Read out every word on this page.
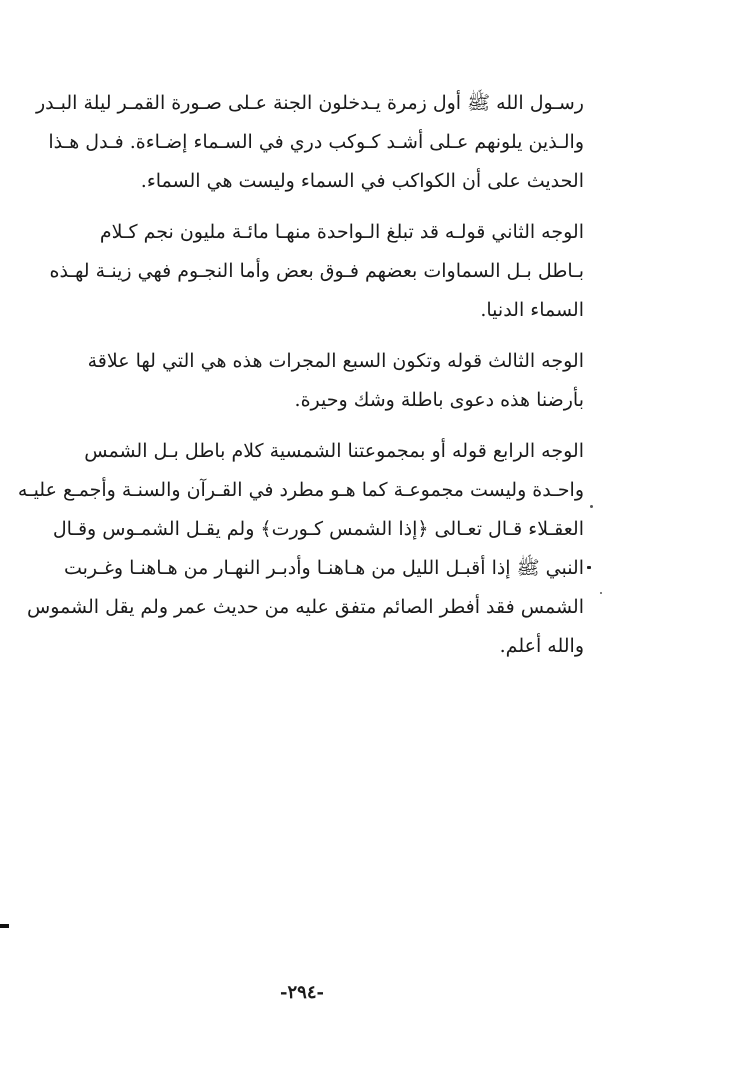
رسـول الله ﷺ أول زمرة يـدخلون الجنة عـلى صـورة القمـر ليلة البـدر
والـذين يلونهم عـلى أشـد كـوكب دري في السـماء إضـاءة. فـدل هـذا
الحديث على أن الكواكب في السماء وليست هي السماء.

الوجه الثاني قولـه قد تبلغ الـواحدة منهـا مائـة مليون نجم كـلام
بـاطل بـل السماوات بعضهم فـوق بعض وأما النجـوم فهي زينـة لهـذه
السماء الدنيا.

الوجه الثالث قوله وتكون السبع المجرات هذه هي التي لها علاقة
بأرضنا هذه دعوى باطلة وشك وحيرة.

الوجه الرابع قوله أو بمجموعتنا الشمسية كلام باطل بـل الشمس
واحـدة وليست مجموعـة كما هـو مطرد في القـرآن والسنـة وأجمـع عليـه
العقـلاء قـال تعـالى ﴿إذا الشمس كـورت﴾ ولم يقـل الشمـوس وقـال
النبي ﷺ إذا أقبـل الليل من هـاهنـا وأدبـر النهـار من هـاهنـا وغـربت
الشمس فقد أفطر الصائم متفق عليه من حديث عمر ولم يقل الشموس
والله أعلم.

-٢٩٤-
